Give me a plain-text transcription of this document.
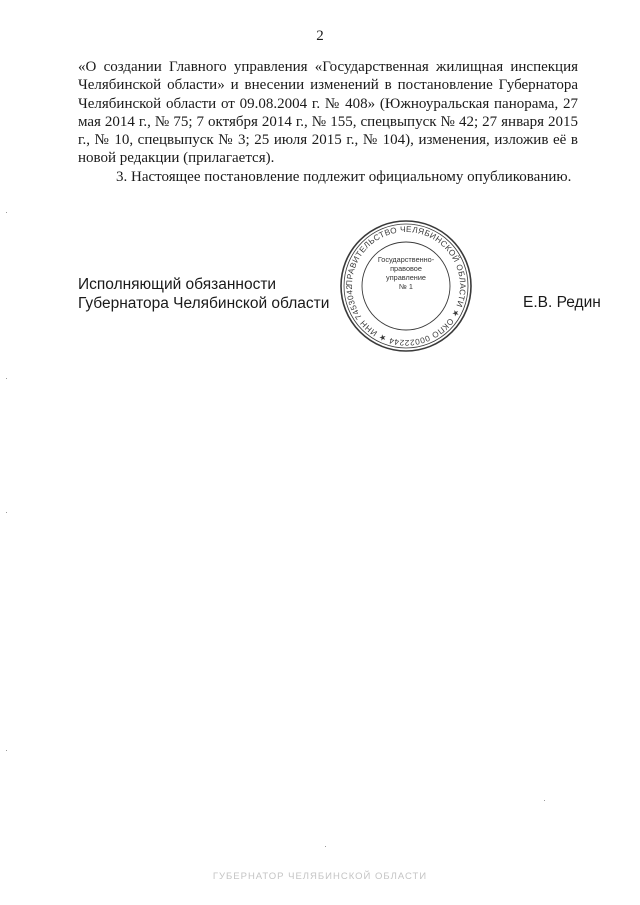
2

«О создании Главного управления «Государственная жилищная инспекция Челябинской области» и внесении изменений в постановление Губернатора Челябинской области от 09.08.2004 г. № 408» (Южноуральская панорама, 27 мая 2014 г., № 75; 7 октября 2014 г., № 155, спецвыпуск № 42; 27 января 2015 г., № 10, спецвыпуск № 3; 25 июля 2015 г., № 104), изменения, изложив её в новой редакции (прилагается).

3. Настоящее постановление подлежит официальному опубликованию.

Исполняющий обязанности
Губернатора Челябинской области
ПРАВИТЕЛЬСТВО ЧЕЛЯБИНСКОЙ ОБЛАСТИ ★ ОКПО 00022244 ★ ИНН 7453042
Государственно-
правовое
управление
№ 1
Е.В. Редин
ГУБЕРНАТОР ЧЕЛЯБИНСКОЙ ОБЛАСТИ
